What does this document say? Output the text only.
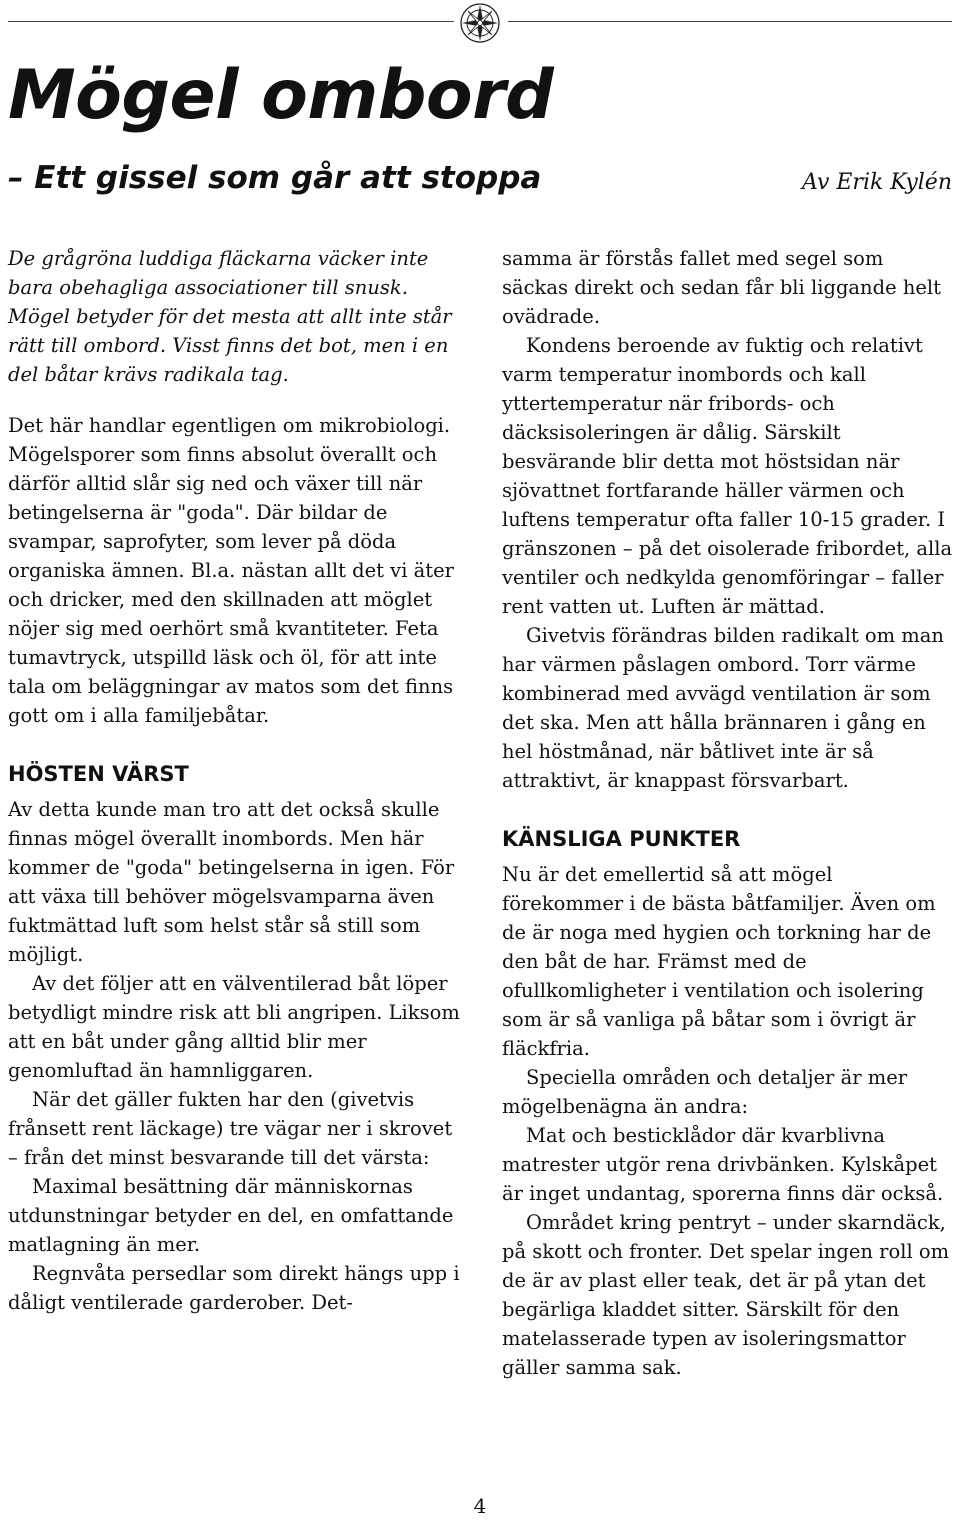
Mögel ombord
– Ett gissel som går att stoppa	Av Erik Kylén

De grågröna luddiga fläckarna väcker inte bara obehagliga associationer till snusk. Mögel betyder för det mesta att allt inte står rätt till ombord. Visst finns det bot, men i en del båtar krävs radikala tag.

Det här handlar egentligen om mikrobiologi. Mögelsporer som finns absolut överallt och därför alltid slår sig ned och växer till när betingelserna är "goda". Där bildar de svampar, saprofyter, som lever på döda organiska ämnen. Bl.a. nästan allt det vi äter och dricker, med den skillnaden att möglet nöjer sig med oerhört små kvantiteter. Feta tumavtryck, utspilld läsk och öl, för att inte tala om beläggningar av matos som det finns gott om i alla familjebåtar.

HÖSTEN VÄRST

Av detta kunde man tro att det också skulle finnas mögel överallt inombords. Men här kommer de "goda" betingelserna in igen. För att växa till behöver mögelsvamparna även fuktmättad luft som helst står så still som möjligt.

Av det följer att en välventilerad båt löper betydligt mindre risk att bli angripen. Liksom att en båt under gång alltid blir mer genomluftad än hamnliggaren.

När det gäller fukten har den (givetvis frånsett rent läckage) tre vägar ner i skrovet – från det minst besvarande till det värsta:

Maximal besättning där människornas utdunstningar betyder en del, en omfattande matlagning än mer.

Regnvåta persedlar som direkt hängs upp i dåligt ventilerade garderober. Det-

samma är förstås fallet med segel som säckas direkt och sedan får bli liggande helt ovädrade.

Kondens beroende av fuktig och relativt varm temperatur inombords och kall yttertemperatur när fribords- och däcksisoleringen är dålig. Särskilt besvärande blir detta mot höstsidan när sjövattnet fortfarande häller värmen och luftens temperatur ofta faller 10-15 grader. I gränszonen – på det oisolerade fribordet, alla ventiler och nedkylda genomföringar – faller rent vatten ut. Luften är mättad.

Givetvis förändras bilden radikalt om man har värmen påslagen ombord. Torr värme kombinerad med avvägd ventilation är som det ska. Men att hålla brännaren i gång en hel höstmånad, när båtlivet inte är så attraktivt, är knappast försvarbart.

KÄNSLIGA PUNKTER

Nu är det emellertid så att mögel förekommer i de bästa båtfamiljer. Även om de är noga med hygien och torkning har de den båt de har. Främst med de ofullkomligheter i ventilation och isolering som är så vanliga på båtar som i övrigt är fläckfria.

Speciella områden och detaljer är mer mögelbenägna än andra:

Mat och besticklådor där kvarblivna matrester utgör rena drivbänken. Kylskåpet är inget undantag, sporerna finns där också.

Området kring pentryt – under skarndäck, på skott och fronter. Det spelar ingen roll om de är av plast eller teak, det är på ytan det begärliga kladdet sitter. Särskilt för den matelasserade typen av isoleringsmattor gäller samma sak.

4
